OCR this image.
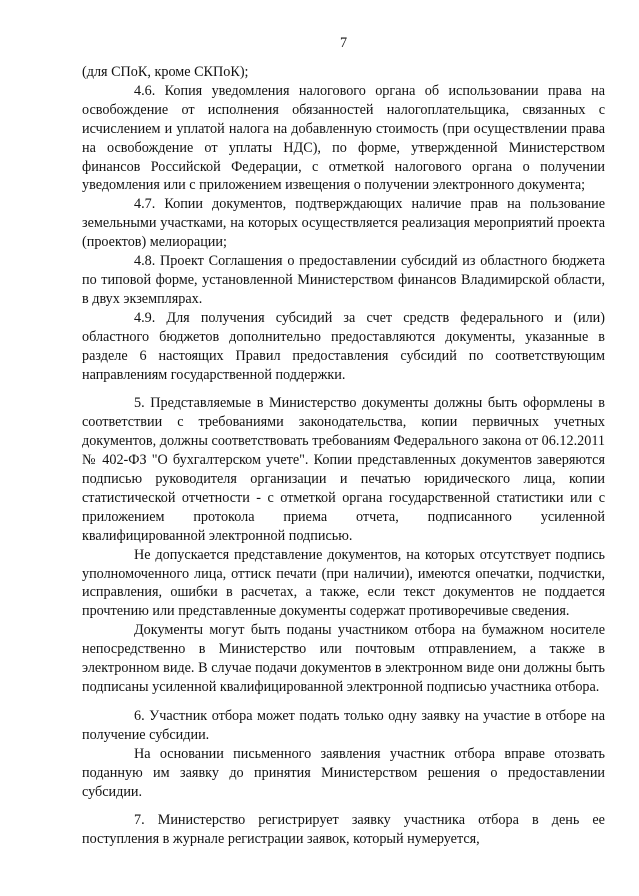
7

(для СПоК, кроме СКПоК);

4.6. Копия уведомления налогового органа об использовании права на освобождение от исполнения обязанностей налогоплательщика, связанных с исчислением и уплатой налога на добавленную стоимость (при осуществлении права на освобождение от уплаты НДС), по форме, утвержденной Министерством финансов Российской Федерации, с отметкой налогового органа о получении уведомления или с приложением извещения о получении электронного документа;

4.7. Копии документов, подтверждающих наличие прав на пользование земельными участками, на которых осуществляется реализация мероприятий проекта (проектов) мелиорации;

4.8. Проект Соглашения о предоставлении субсидий из областного бюджета по типовой форме, установленной Министерством финансов Владимирской области, в двух экземплярах.

4.9. Для получения субсидий за счет средств федерального и (или) областного бюджетов дополнительно предоставляются документы, указанные в разделе 6 настоящих Правил предоставления субсидий по соответствующим направлениям государственной поддержки.

5. Представляемые в Министерство документы должны быть оформлены в соответствии с требованиями законодательства, копии первичных учетных документов, должны соответствовать требованиям Федерального закона от 06.12.2011 № 402-ФЗ "О бухгалтерском учете". Копии представленных документов заверяются подписью руководителя организации и печатью юридического лица, копии статистической отчетности - с отметкой органа государственной статистики или с приложением протокола приема отчета, подписанного усиленной квалифицированной электронной подписью.

Не допускается представление документов, на которых отсутствует подпись уполномоченного лица, оттиск печати (при наличии), имеются опечатки, подчистки, исправления, ошибки в расчетах, а также, если текст документов не поддается прочтению или представленные документы содержат противоречивые сведения.

Документы могут быть поданы участником отбора на бумажном носителе непосредственно в Министерство или почтовым отправлением, а также в электронном виде. В случае подачи документов в электронном виде они должны быть подписаны усиленной квалифицированной электронной подписью участника отбора.

6. Участник отбора может подать только одну заявку на участие в отборе на получение субсидии.

На основании письменного заявления участник отбора вправе отозвать поданную им заявку до принятия Министерством решения о предоставлении субсидии.

7. Министерство регистрирует заявку участника отбора в день ее поступления в журнале регистрации заявок, который нумеруется,
